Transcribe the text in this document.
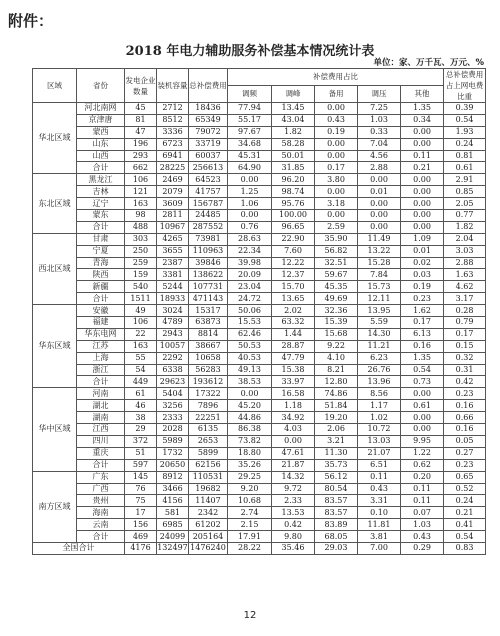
附件：
2018 年电力辅助服务补偿基本情况统计表
单位：家、万千瓦、万元、%
区域	省份	发电企业数量	装机容量	总补偿费用	补偿费用占比					总补偿费用占上网电费比重
					调频	调峰	备用	调压	其他	
华北区域	河北南网	45	2712	18436	77.94	13.45	0.00	7.25	1.35	0.39
	京津唐	81	8512	65349	55.17	43.04	0.43	1.03	0.34	0.54
	蒙西	47	3336	79072	97.67	1.82	0.19	0.33	0.00	1.93
	山东	196	6723	33719	34.68	58.28	0.00	7.04	0.00	0.24
	山西	293	6941	60037	45.31	50.01	0.00	4.56	0.11	0.81
	合计	662	28225	256613	64.90	31.85	0.17	2.88	0.21	0.61
东北区域	黑龙江	106	2469	64523	0.00	96.20	3.80	0.00	0.00	2.91
	吉林	121	2079	41757	1.25	98.74	0.00	0.01	0.00	0.85
	辽宁	163	3609	156787	1.06	95.76	3.18	0.00	0.00	2.05
	蒙东	98	2811	24485	0.00	100.00	0.00	0.00	0.00	0.77
	合计	488	10967	287552	0.76	96.65	2.59	0.00	0.00	1.82
西北区域	甘肃	303	4265	73981	28.63	22.90	35.90	11.49	1.09	2.04
	宁夏	250	3655	110963	22.34	7.60	56.82	13.22	0.01	3.03
	青海	259	2387	39846	39.98	12.22	32.51	15.28	0.02	2.88
	陕西	159	3381	138622	20.09	12.37	59.67	7.84	0.03	1.63
	新疆	540	5244	107731	23.04	15.70	45.35	15.73	0.19	4.62
	合计	1511	18933	471143	24.72	13.65	49.69	12.11	0.23	3.17
华东区域	安徽	49	3024	15317	50.06	2.02	32.36	13.95	1.62	0.28
	福建	106	4789	63873	15.53	63.32	15.39	5.59	0.17	0.79
	华东电网	22	2943	8814	62.46	1.44	15.68	14.30	6.13	0.17
	江苏	163	10057	38667	50.53	28.87	9.22	11.21	0.16	0.15
	上海	55	2292	10658	40.53	47.79	4.10	6.23	1.35	0.32
	浙江	54	6338	56283	49.13	15.38	8.21	26.76	0.54	0.31
	合计	449	29623	193612	38.53	33.97	12.80	13.96	0.73	0.42
华中区域	河南	61	5404	17322	0.00	16.58	74.86	8.56	0.00	0.23
	湖北	46	3256	7896	45.20	1.18	51.84	1.17	0.61	0.16
	湖南	38	2333	22251	44.86	34.92	19.20	1.02	0.00	0.66
	江西	29	2028	6135	86.38	4.03	2.06	10.72	0.00	0.16
	四川	372	5989	2653	73.82	0.00	3.21	13.03	9.95	0.05
	重庆	51	1732	5899	18.80	47.61	11.30	21.07	1.22	0.27
	合计	597	20650	62156	35.26	21.87	35.73	6.51	0.62	0.23
南方区域	广东	145	8912	110531	29.25	14.32	56.12	0.11	0.20	0.65
	广西	76	3466	19682	9.20	9.72	80.54	0.43	0.11	0.52
	贵州	75	4156	11407	10.68	2.33	83.57	3.31	0.11	0.24
	海南	17	581	2342	2.74	13.53	83.57	0.10	0.07	0.21
	云南	156	6985	61202	2.15	0.42	83.89	11.81	1.03	0.41
	合计	469	24099	205164	17.91	9.80	68.05	3.81	0.43	0.54
全国合计		4176	132497	1476240	28.22	35.46	29.03	7.00	0.29	0.83
12
